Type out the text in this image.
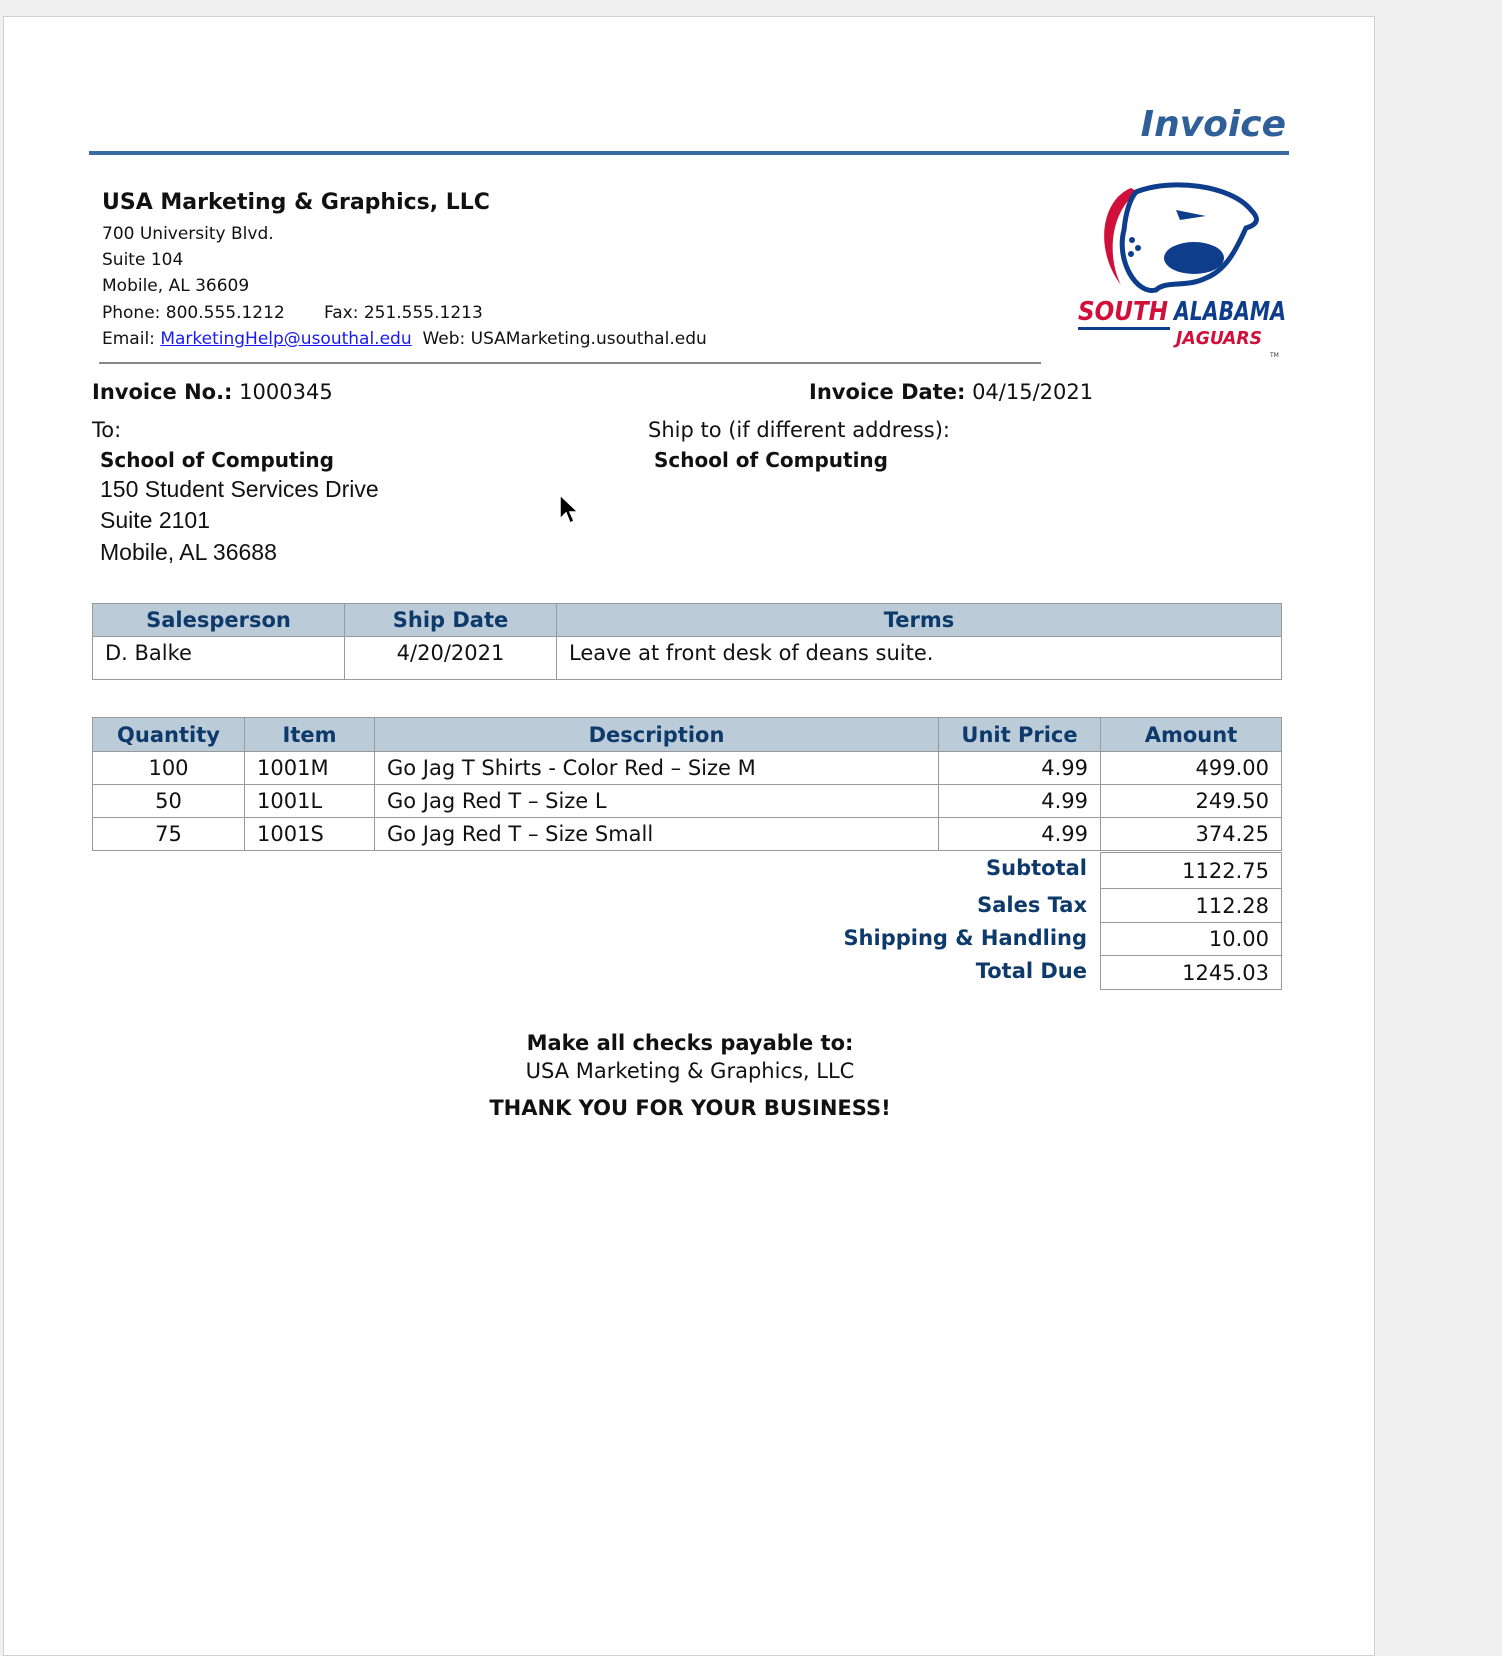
Invoice
USA Marketing & Graphics, LLC
700 University Blvd.
Suite 104
Mobile, AL 36609
Phone: 800.555.1212 Fax: 251.555.1213
Email: MarketingHelp@usouthal.edu Web: USAMarketing.usouthal.edu
SOUTH ALABAMA
JAGUARS
TM
Invoice No.: 1000345	Invoice Date: 04/15/2021
To:
School of Computing
150 Student Services Drive
Suite 2101
Mobile, AL 36688
Ship to (if different address):
School of Computing
Salesperson	Ship Date	Terms
D. Balke	4/20/2021	Leave at front desk of deans suite.
Quantity	Item	Description	Unit Price	Amount
100	1001M	Go Jag T Shirts - Color Red – Size M	4.99	499.00
50	1001L	Go Jag Red T – Size L	4.99	249.50
75	1001S	Go Jag Red T – Size Small	4.99	374.25
Subtotal	1122.75
Sales Tax	112.28
Shipping & Handling	10.00
Total Due	1245.03
Make all checks payable to:
USA Marketing & Graphics, LLC
THANK YOU FOR YOUR BUSINESS!
